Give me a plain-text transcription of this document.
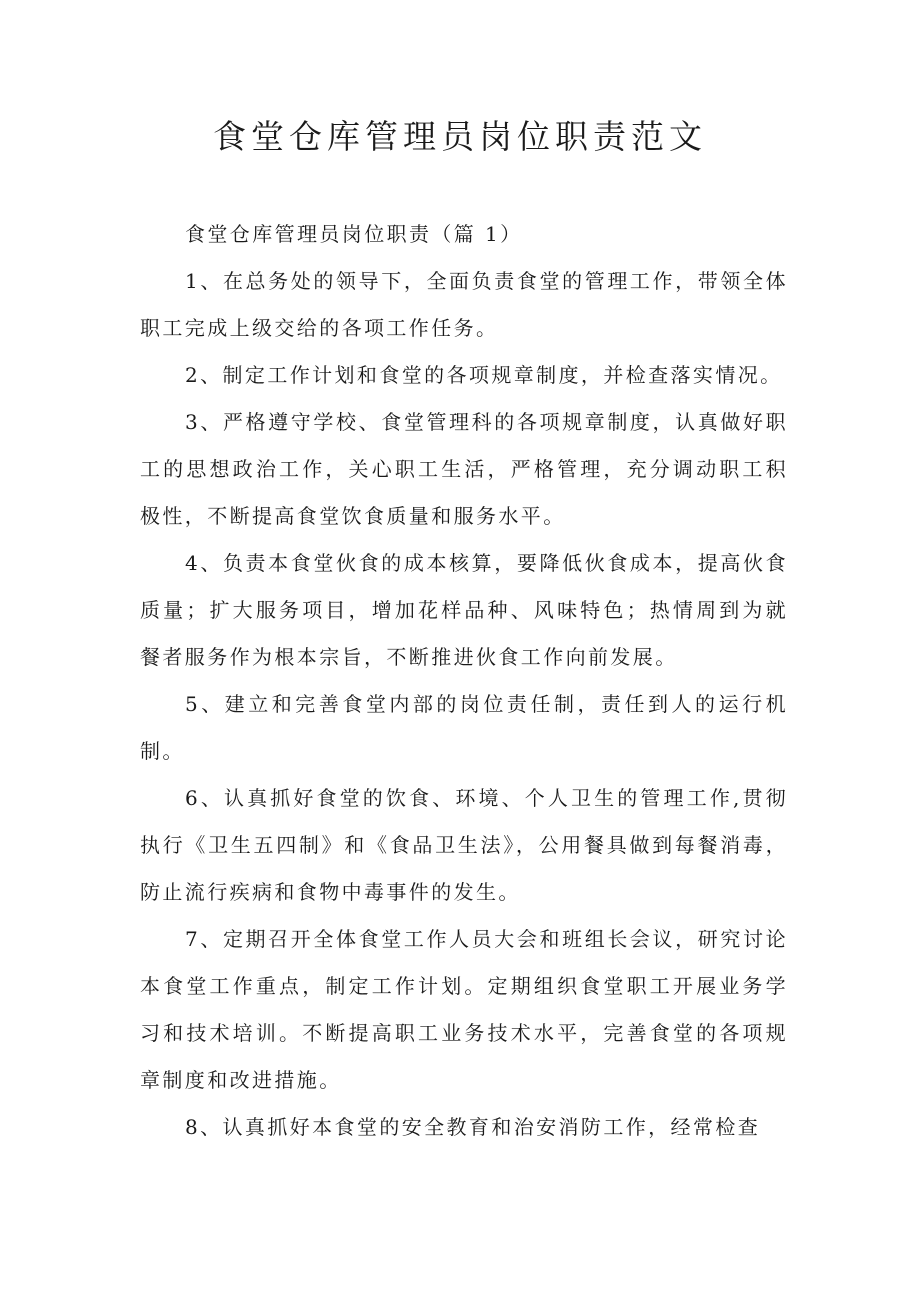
食堂仓库管理员岗位职责范文

食堂仓库管理员岗位职责（篇 1）

1、在总务处的领导下，全面负责食堂的管理工作，带领全体职工完成上级交给的各项工作任务。

2、制定工作计划和食堂的各项规章制度，并检查落实情况。

3、严格遵守学校、食堂管理科的各项规章制度，认真做好职工的思想政治工作，关心职工生活，严格管理，充分调动职工积极性，不断提高食堂饮食质量和服务水平。

4、负责本食堂伙食的成本核算，要降低伙食成本，提高伙食质量；扩大服务项目，增加花样品种、风味特色；热情周到为就餐者服务作为根本宗旨，不断推进伙食工作向前发展。

5、建立和完善食堂内部的岗位责任制，责任到人的运行机制。

6、认真抓好食堂的饮食、环境、个人卫生的管理工作,贯彻执行《卫生五四制》和《食品卫生法》，公用餐具做到每餐消毒，防止流行疾病和食物中毒事件的发生。

7、定期召开全体食堂工作人员大会和班组长会议，研究讨论本食堂工作重点，制定工作计划。定期组织食堂职工开展业务学习和技术培训。不断提高职工业务技术水平，完善食堂的各项规章制度和改进措施。

8、认真抓好本食堂的安全教育和治安消防工作，经常检查
